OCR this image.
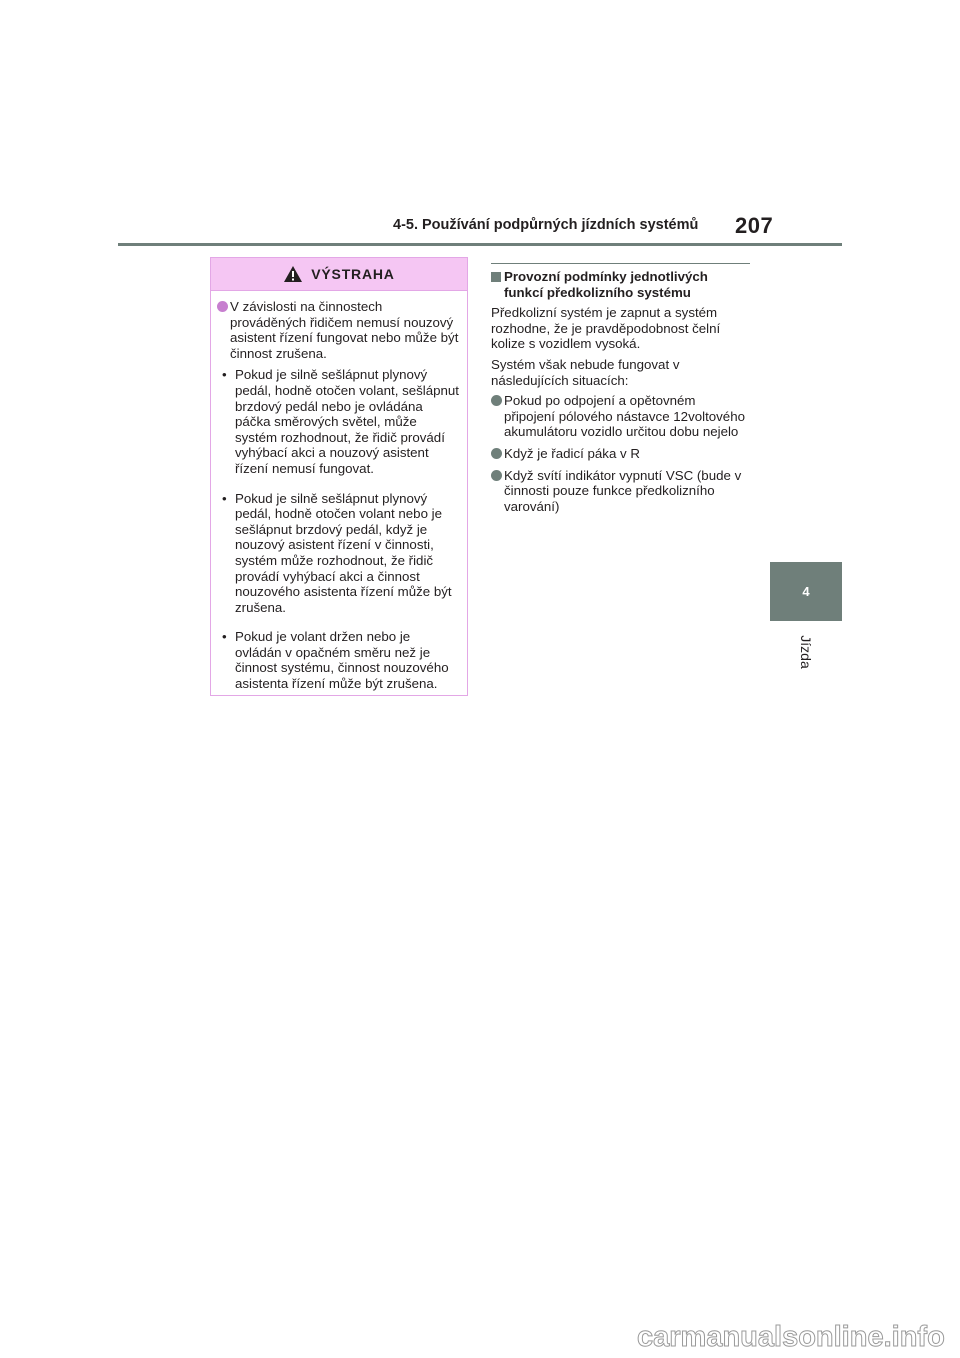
4-5. Používání podpůrných jízdních systémů 207
4
Jízda
VÝSTRAHA
V závislosti na činnostech prováděných řidičem nemusí nouzový asistent řízení fungovat nebo může být činnost zrušena.
• Pokud je silně sešlápnut plynový pedál, hodně otočen volant, sešlápnut brzdový pedál nebo je ovládána páčka směrových světel, může systém rozhodnout, že řidič provádí vyhýbací akci a nouzový asistent řízení nemusí fungovat.
• Pokud je silně sešlápnut plynový pedál, hodně otočen volant nebo je sešlápnut brzdový pedál, když je nouzový asistent řízení v činnosti, systém může rozhodnout, že řidič provádí vyhýbací akci a činnost nouzového asistenta řízení může být zrušena.
• Pokud je volant držen nebo je ovládán v opačném směru než je činnost systému, činnost nouzového asistenta řízení může být zrušena.
Provozní podmínky jednotlivých funkcí předkolizního systému

Předkolizní systém je zapnut a systém rozhodne, že je pravděpodobnost čelní kolize s vozidlem vysoká.

Systém však nebude fungovat v následujících situacích:

Pokud po odpojení a opětovném připojení pólového nástavce 12voltového akumulátoru vozidlo určitou dobu nejelo
Když je řadicí páka v R
Když svítí indikátor vypnutí VSC (bude v činnosti pouze funkce předkolizního varování)
carmanualsonline.info
